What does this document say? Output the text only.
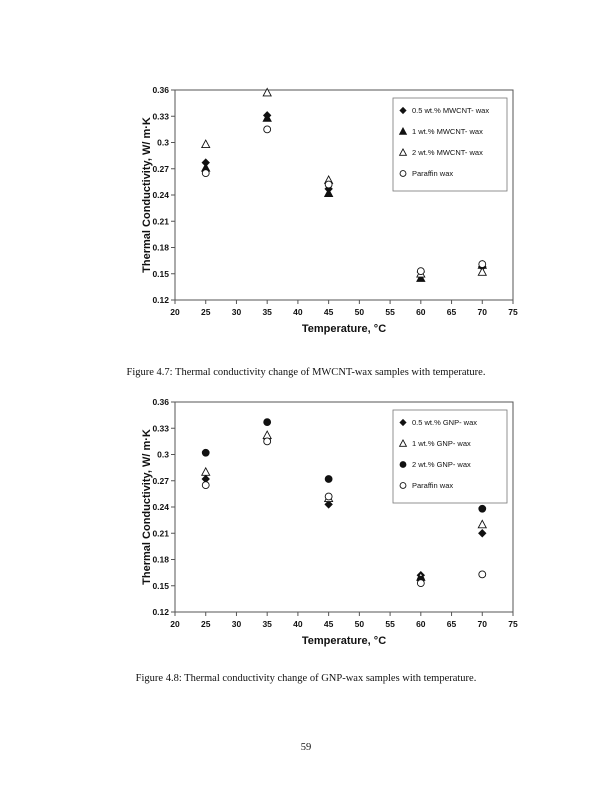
20	25	30	35	40	45	50	55	60	65	70	75
0.12
0.15
0.18
0.21
0.24
0.27
0.3
0.33
0.36
Temperature, °C
Thermal Conductivity, W/ m·K
0.5 wt.% MWCNT- wax
1 wt.% MWCNT- wax
2 wt.% MWCNT- wax
Paraffin wax
Figure 4.7: Thermal conductivity change of MWCNT-wax samples with temperature.
20	25	30	35	40	45	50	55	60	65	70	75
0.12
0.15
0.18
0.21
0.24
0.27
0.3
0.33
0.36
Temperature, °C
Thermal Conductivity, W/ m·K
0.5 wt.% GNP- wax
1 wt.% GNP- wax
2 wt.% GNP- wax
Paraffin wax
Figure 4.8: Thermal conductivity change of GNP-wax samples with temperature.
59
